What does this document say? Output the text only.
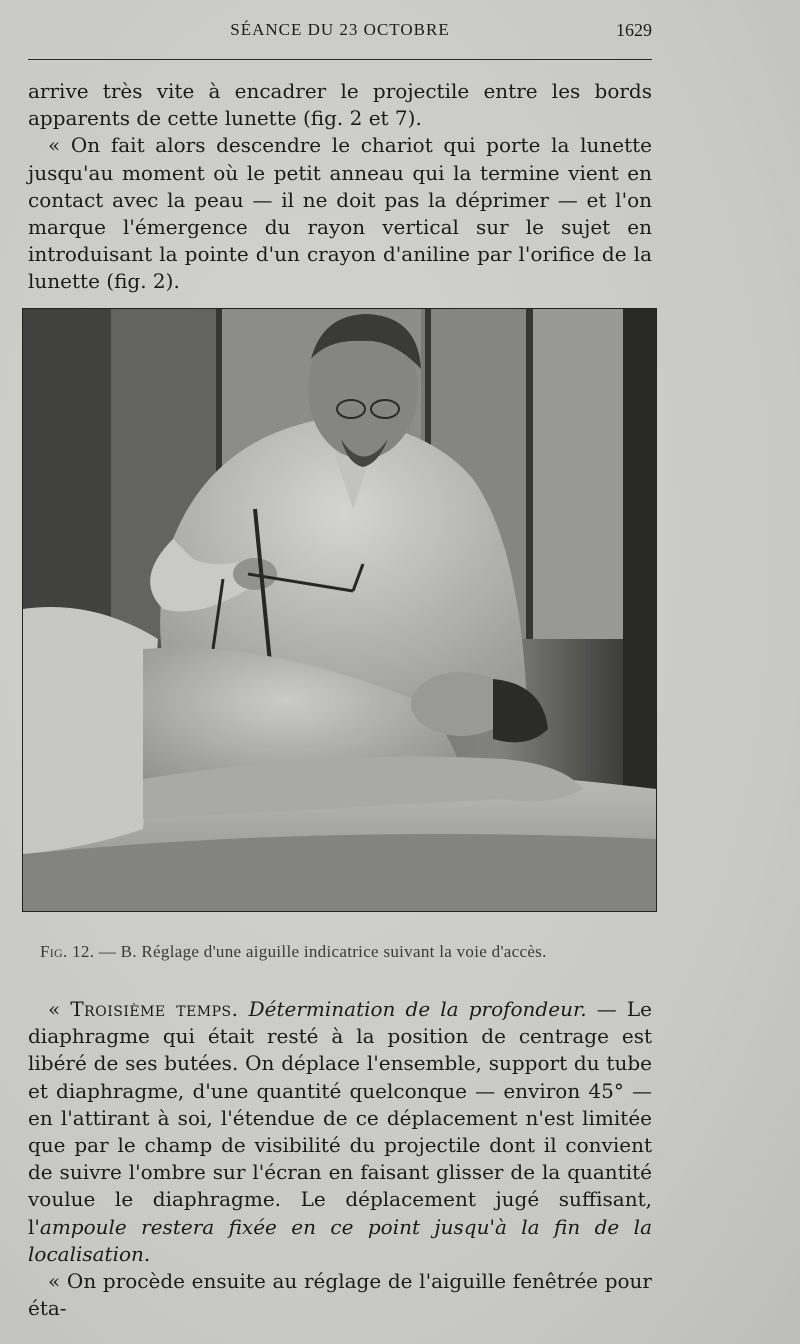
SÉANCE DU 23 OCTOBRE	1629

arrive très vite à encadrer le projectile entre les bords apparents de cette lunette (fig. 2 et 7).

« On fait alors descendre le chariot qui porte la lunette jusqu'au moment où le petit anneau qui la termine vient en contact avec la peau — il ne doit pas la déprimer — et l'on marque l'émergence du rayon vertical sur le sujet en introduisant la pointe d'un crayon d'aniline par l'orifice de la lunette (fig. 2).

Fig. 12. — B. Réglage d'une aiguille indicatrice suivant la voie d'accès.

« Troisième temps. Détermination de la profondeur. — Le diaphragme qui était resté à la position de centrage est libéré de ses butées. On déplace l'ensemble, support du tube et diaphragme, d'une quantité quelconque — environ 45° — en l'attirant à soi, l'étendue de ce déplacement n'est limitée que par le champ de visibilité du projectile dont il convient de suivre l'ombre sur l'écran en faisant glisser de la quantité voulue le diaphragme. Le déplacement jugé suffisant, l'ampoule restera fixée en ce point jusqu'à la fin de la localisation.

« On procède ensuite au réglage de l'aiguille fenêtrée pour éta-
